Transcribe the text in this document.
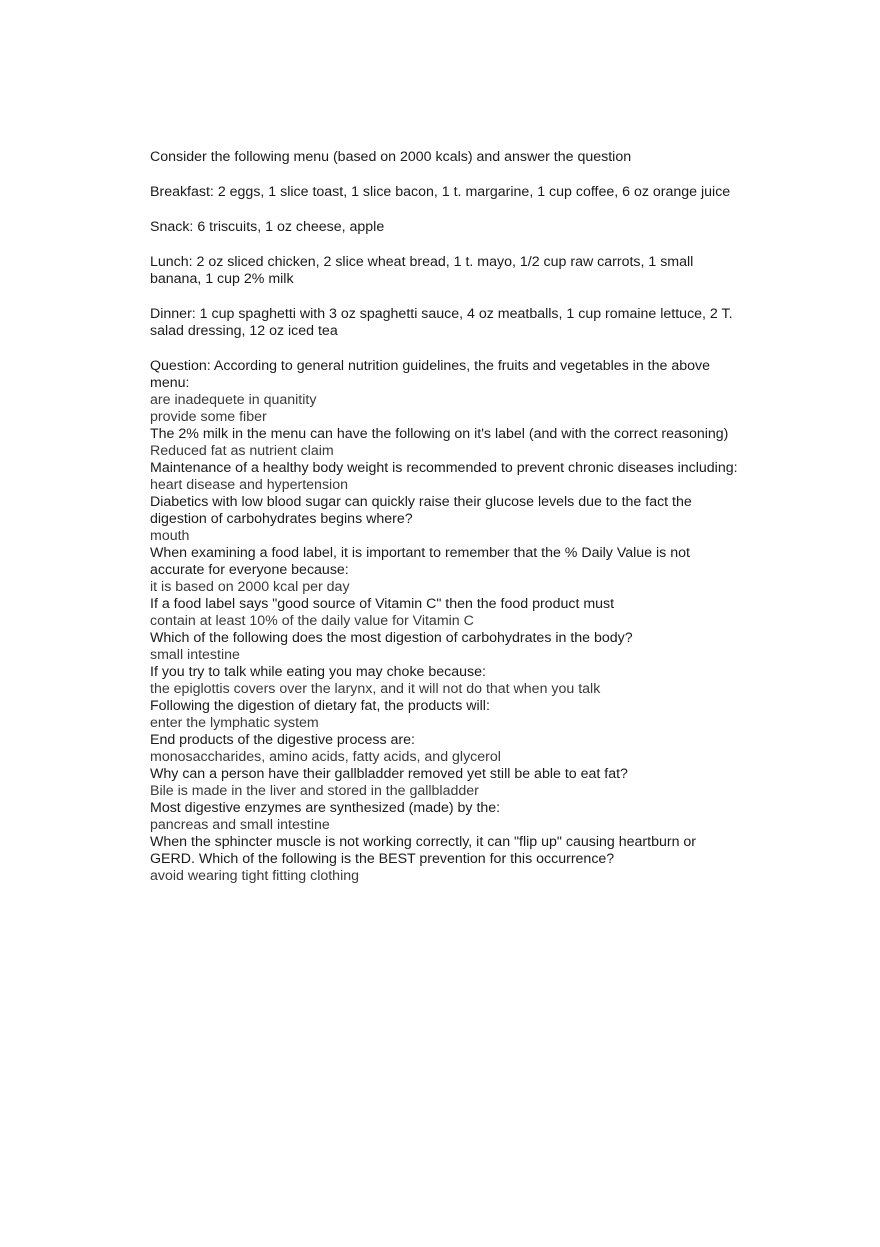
Consider the following menu (based on 2000 kcals) and answer the question

Breakfast: 2 eggs, 1 slice toast, 1 slice bacon, 1 t. margarine, 1 cup coffee, 6 oz orange juice

Snack: 6 triscuits, 1 oz cheese, apple

Lunch: 2 oz sliced chicken, 2 slice wheat bread, 1 t. mayo, 1/2 cup raw carrots, 1 small banana, 1 cup 2% milk

Dinner: 1 cup spaghetti with 3 oz spaghetti sauce, 4 oz meatballs, 1 cup romaine lettuce, 2 T. salad dressing, 12 oz iced tea

Question: According to general nutrition guidelines, the fruits and vegetables in the above menu:

are inadequete in quanitity

provide some fiber

The 2% milk in the menu can have the following on it's label (and with the correct reasoning)

Reduced fat as nutrient claim

Maintenance of a healthy body weight is recommended to prevent chronic diseases including:

heart disease and hypertension

Diabetics with low blood sugar can quickly raise their glucose levels due to the fact the digestion of carbohydrates begins where?

mouth

When examining a food label, it is important to remember that the % Daily Value is not accurate for everyone because:

it is based on 2000 kcal per day

If a food label says "good source of Vitamin C" then the food product must

contain at least 10% of the daily value for Vitamin C

Which of the following does the most digestion of carbohydrates in the body?

small intestine

If you try to talk while eating you may choke because:

the epiglottis covers over the larynx, and it will not do that when you talk

Following the digestion of dietary fat, the products will:

enter the lymphatic system

End products of the digestive process are:

monosaccharides, amino acids, fatty acids, and glycerol

Why can a person have their gallbladder removed yet still be able to eat fat?

Bile is made in the liver and stored in the gallbladder

Most digestive enzymes are synthesized (made) by the:

pancreas and small intestine

When the sphincter muscle is not working correctly, it can "flip up" causing heartburn or GERD. Which of the following is the BEST prevention for this occurrence?

avoid wearing tight fitting clothing
